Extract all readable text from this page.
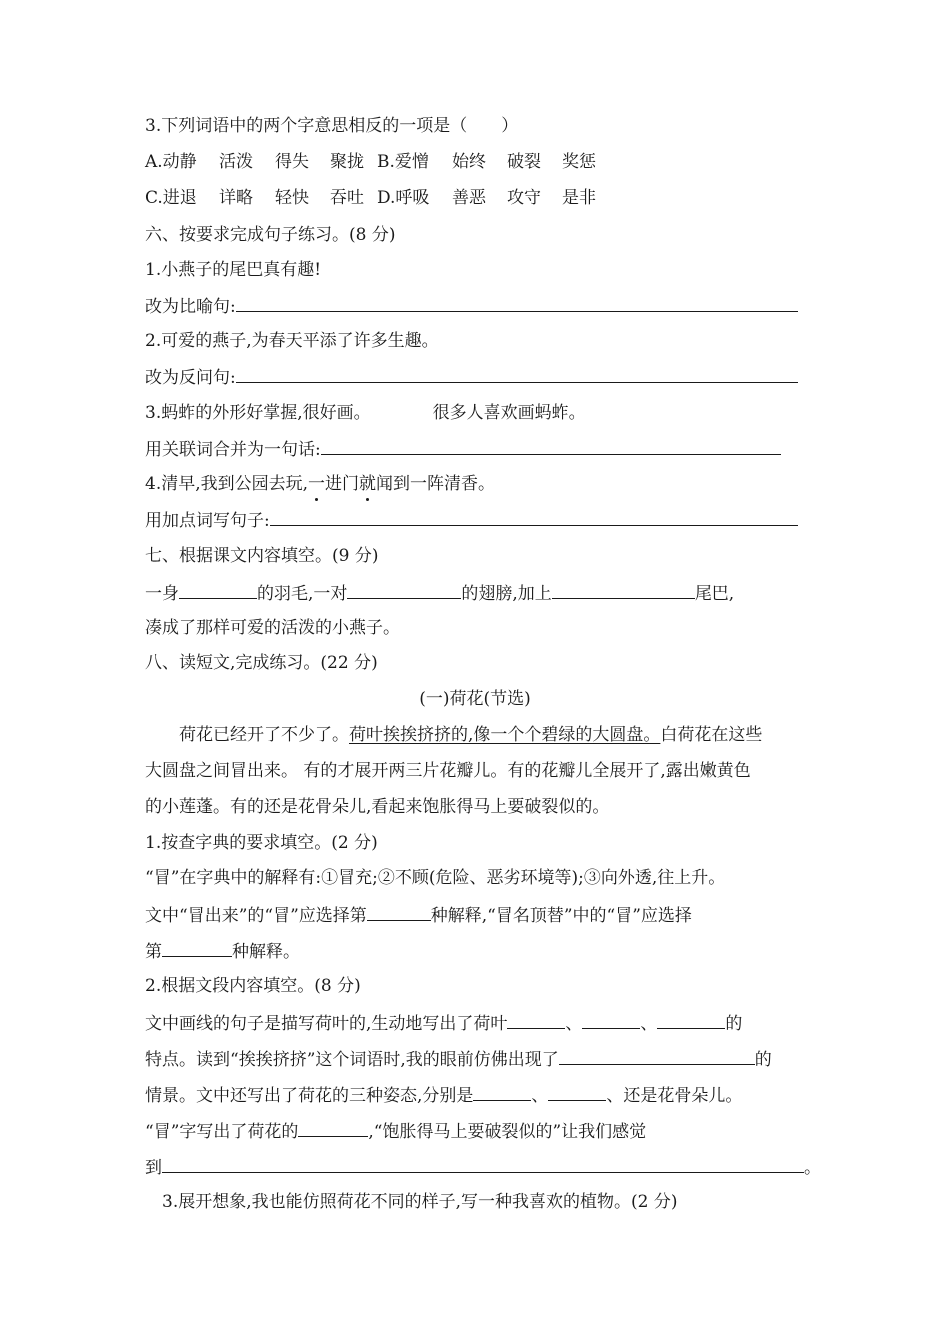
3.下列词语中的两个字意思相反的一项是（　　）
A.动静 活泼 得失 聚拢 B.爱憎 始终 破裂 奖惩
C.进退 详略 轻快 吞吐 D.呼吸 善恶 攻守 是非
六、按要求完成句子练习。(8 分)
1.小燕子的尾巴真有趣!
改为比喻句:
2.可爱的燕子,为春天平添了许多生趣。
改为反问句:
3.蚂蚱的外形好掌握,很好画。	很多人喜欢画蚂蚱。
用关联词合并为一句话:
4.清早,我到公园去玩,一进门就闻到一阵清香。
用加点词写句子:
七、根据课文内容填空。(9 分)
一身	的羽毛,一对	的翅膀,加上	尾巴,
凑成了那样可爱的活泼的小燕子。
八、读短文,完成练习。(22 分)
(一)荷花(节选)
荷花已经开了不少了。荷叶挨挨挤挤的,像一个个碧绿的大圆盘。白荷花在这些
大圆盘之间冒出来。 有的才展开两三片花瓣儿。有的花瓣儿全展开了,露出嫩黄色
的小莲蓬。有的还是花骨朵儿,看起来饱胀得马上要破裂似的。
1.按查字典的要求填空。(2 分)
“冒”在字典中的解释有:①冒充;②不顾(危险、恶劣环境等);③向外透,往上升。
文中“冒出来”的“冒”应选择第	种解释,“冒名顶替”中的“冒”应选择
第	种解释。
2.根据文段内容填空。(8 分)
文中画线的句子是描写荷叶的,生动地写出了荷叶	、	、	的
特点。读到“挨挨挤挤”这个词语时,我的眼前仿佛出现了	的
情景。文中还写出了荷花的三种姿态,分别是	、	、还是花骨朵儿。
“冒”字写出了荷花的	,“饱胀得马上要破裂似的”让我们感觉
到	。
3.展开想象,我也能仿照荷花不同的样子,写一种我喜欢的植物。(2 分)
